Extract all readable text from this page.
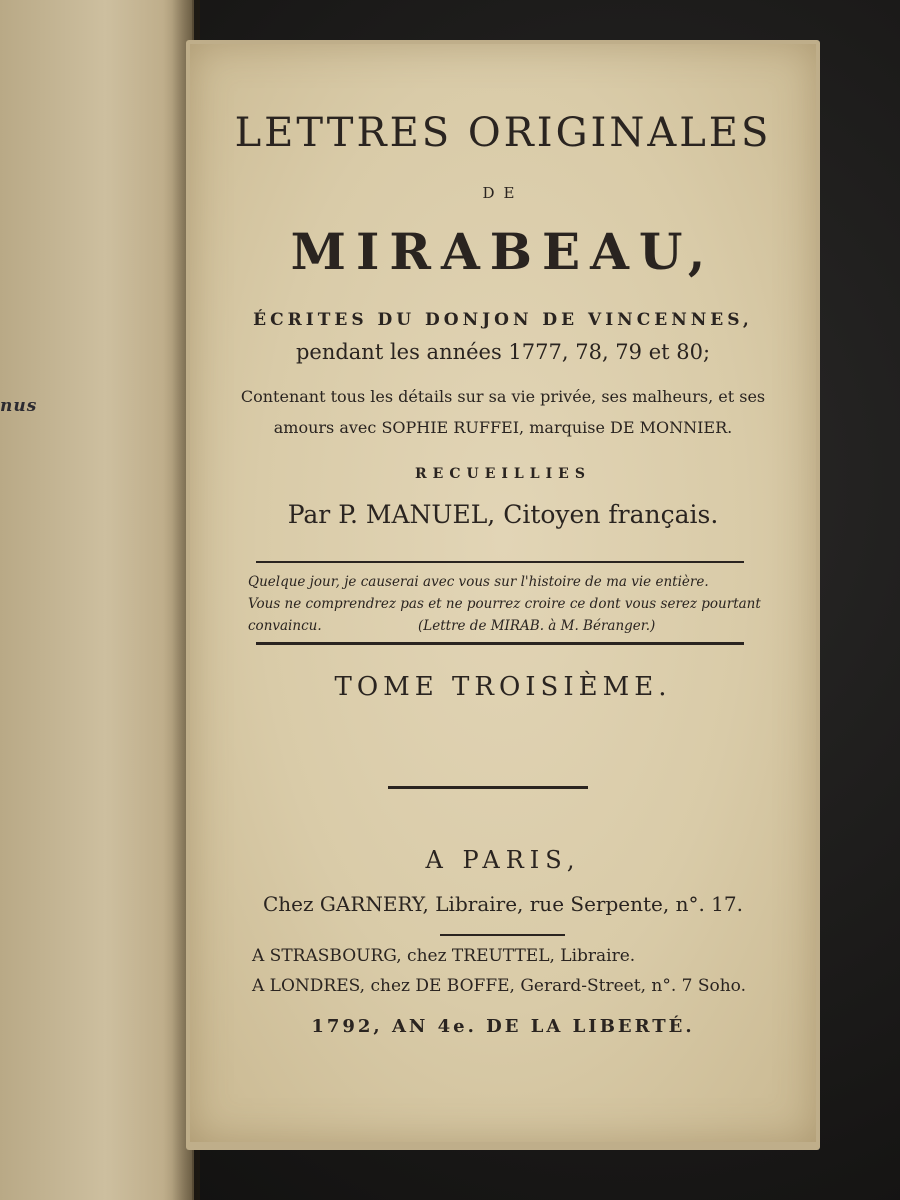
nus
LETTRES ORIGINALES
DE
MIRABEAU,
ÉCRITES DU DONJON DE VINCENNES,
pendant les années 1777, 78, 79 et 80;
Contenant tous les détails sur sa vie privée, ses malheurs, et ses
amours avec SOPHIE RUFFEI, marquise DE MONNIER.
RECUEILLIES
Par P. MANUEL, Citoyen français.
Quelque jour, je causerai avec vous sur l'histoire de ma vie entière.
Vous ne comprendrez pas et ne pourrez croire ce dont vous serez pourtant
convaincu.	(Lettre de MIRAB. à M. Béranger.)
TOME TROISIÈME.
A PARIS,
Chez GARNERY, Libraire, rue Serpente, n°. 17.
A STRASBOURG, chez TREUTTEL, Libraire.
A LONDRES, chez DE BOFFE, Gerard-Street, n°. 7 Soho.
1792, AN 4e. DE LA LIBERTÉ.
